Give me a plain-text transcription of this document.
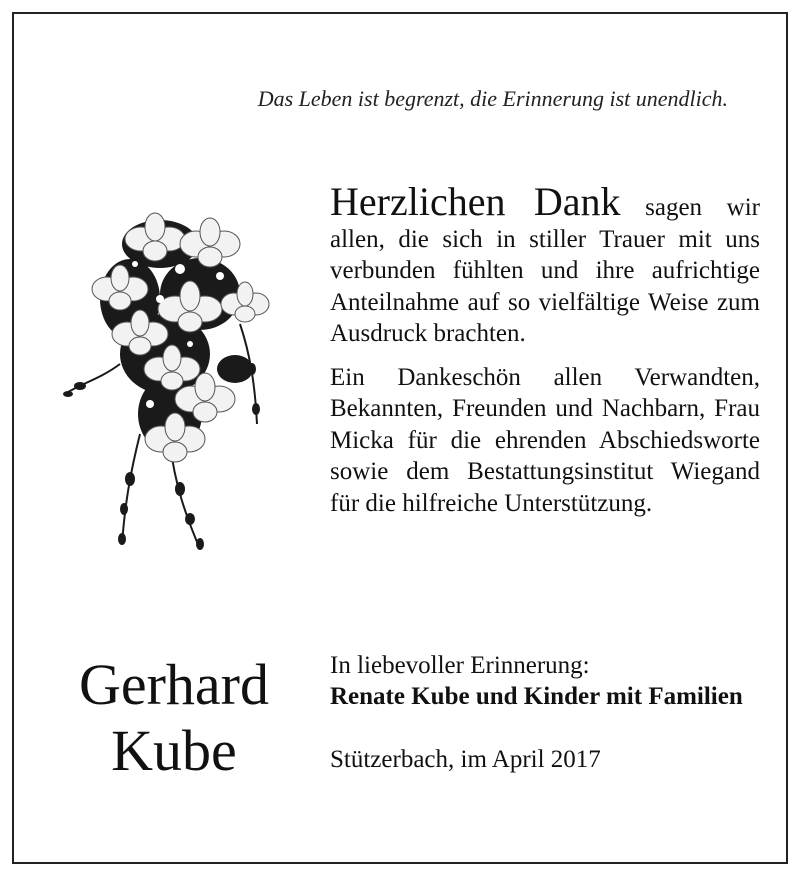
Das Leben ist begrenzt, die Erinnerung ist unendlich.

Herzlichen Dank sagen wir allen, die sich in stiller Trauer mit uns verbunden fühlten und ihre aufrichtige Anteilnahme auf so vielfältige Weise zum Ausdruck brachten.

Ein Dankeschön allen Verwandten, Bekannten, Freunden und Nachbarn, Frau Micka für die ehrenden Abschiedsworte sowie dem Bestattungsinstitut Wiegand für die hilfreiche Unterstützung.

Gerhard
Kube
In liebevoller Erinnerung:
Renate Kube und Kinder mit Familien
Stützerbach, im April 2017
